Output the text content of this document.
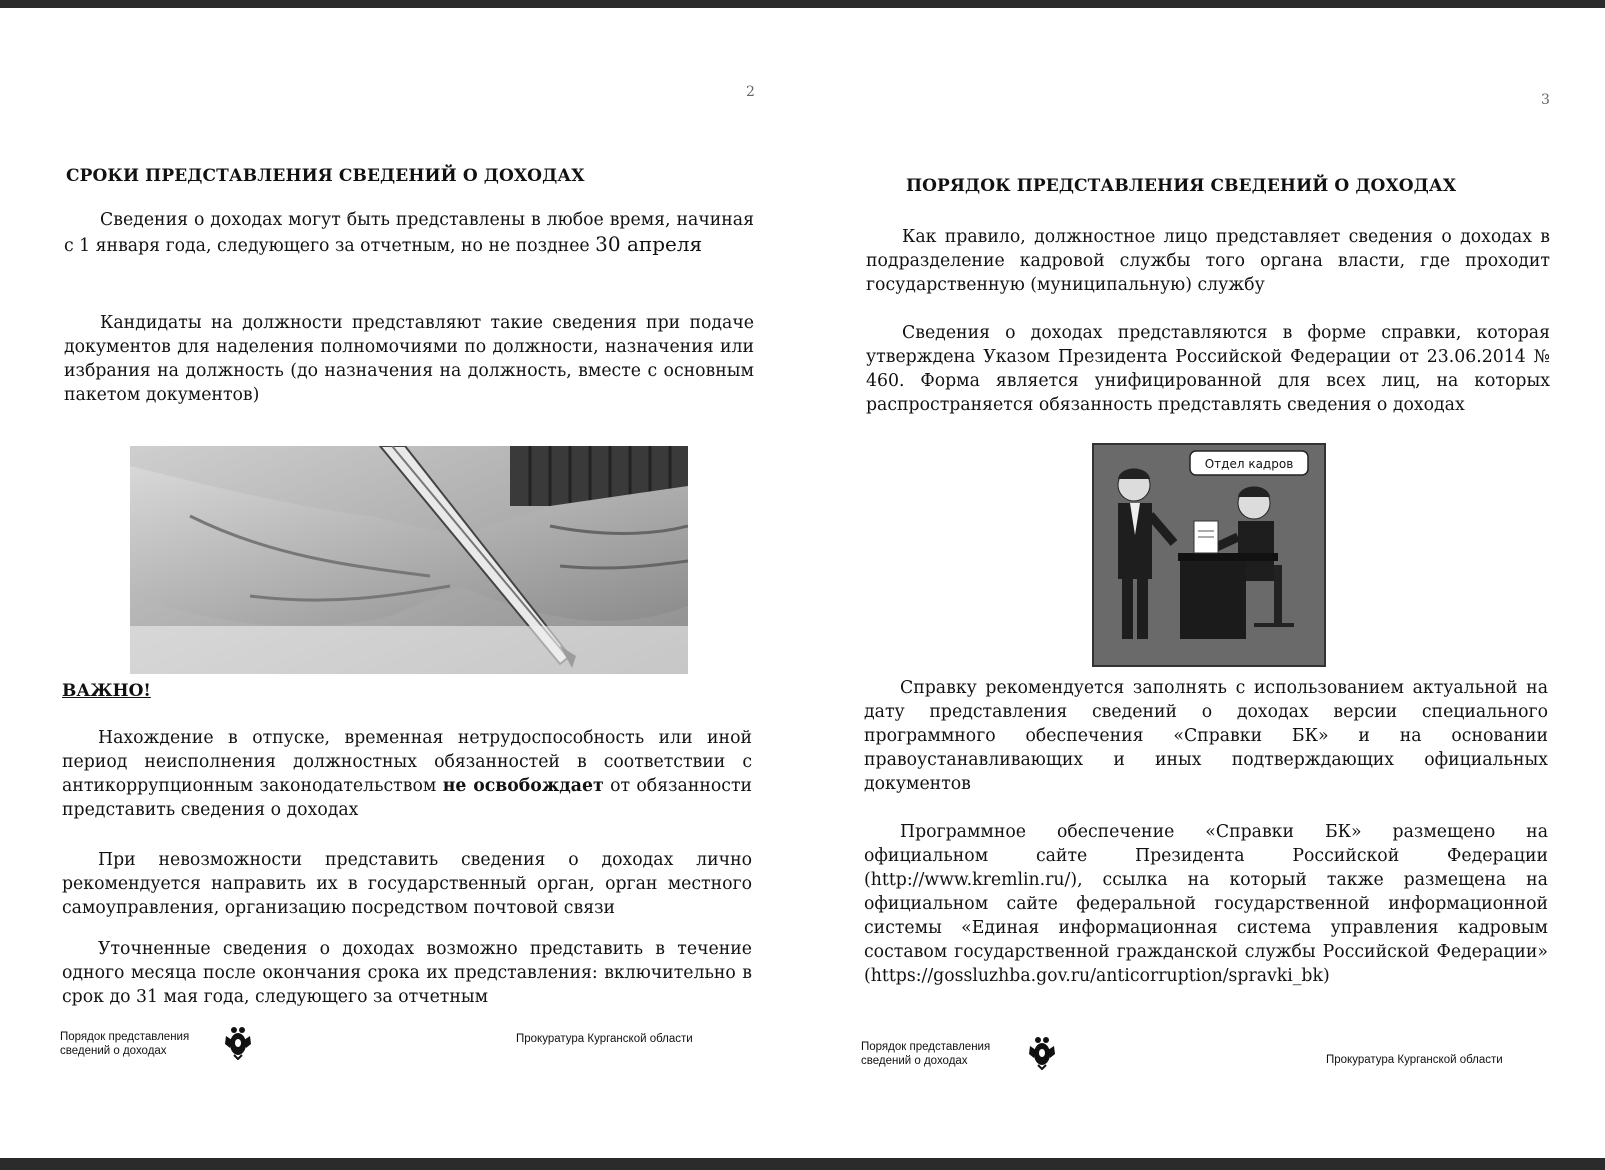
2
СРОКИ ПРЕДСТАВЛЕНИЯ СВЕДЕНИЙ О ДОХОДАХ

Сведения о доходах могут быть представлены в любое время, начиная с 1 января года, следующего за отчетным, но не позднее 30 апреля

Кандидаты на должности представляют такие сведения при подаче документов для наделения полномочиями по должности, назначения или избрания на должность (до назначения на должность, вместе с основным пакетом документов)

ВАЖНО!

Нахождение в отпуске, временная нетрудоспособность или иной период неисполнения должностных обязанностей в соответствии с антикоррупционным законодательством не освобождает от обязанности представить сведения о доходах

При невозможности представить сведения о доходах лично рекомендуется направить их в государственный орган, орган местного самоуправления, организацию посредством почтовой связи

Уточненные сведения о доходах возможно представить в течение одного месяца после окончания срока их представления: включительно в срок до 31 мая года, следующего за отчетным

Порядок представления
сведений о доходах
Прокуратура Курганской области
3
ПОРЯДОК ПРЕДСТАВЛЕНИЯ СВЕДЕНИЙ О ДОХОДАХ

Как правило, должностное лицо представляет сведения о доходах в подразделение кадровой службы того органа власти, где проходит государственную (муниципальную) службу

Сведения о доходах представляются в форме справки, которая утверждена Указом Президента Российской Федерации от 23.06.2014 № 460. Форма является унифицированной для всех лиц, на которых распространяется обязанность представлять сведения о доходах

Отдел кадров

Справку рекомендуется заполнять с использованием актуальной на дату представления сведений о доходах версии специального программного обеспечения «Справки БК» и на основании правоустанавливающих и иных подтверждающих официальных документов

Программное обеспечение «Справки БК» размещено на официальном сайте Президента Российской Федерации (http://www.kremlin.ru/), ссылка на который также размещена на официальном сайте федеральной государственной информационной системы «Единая информационная система управления кадровым составом государственной гражданской службы Российской Федерации» (https://gossluzhba.gov.ru/anticorruption/spravki_bk)

Порядок представления
сведений о доходах	Прокуратура Курганской области
